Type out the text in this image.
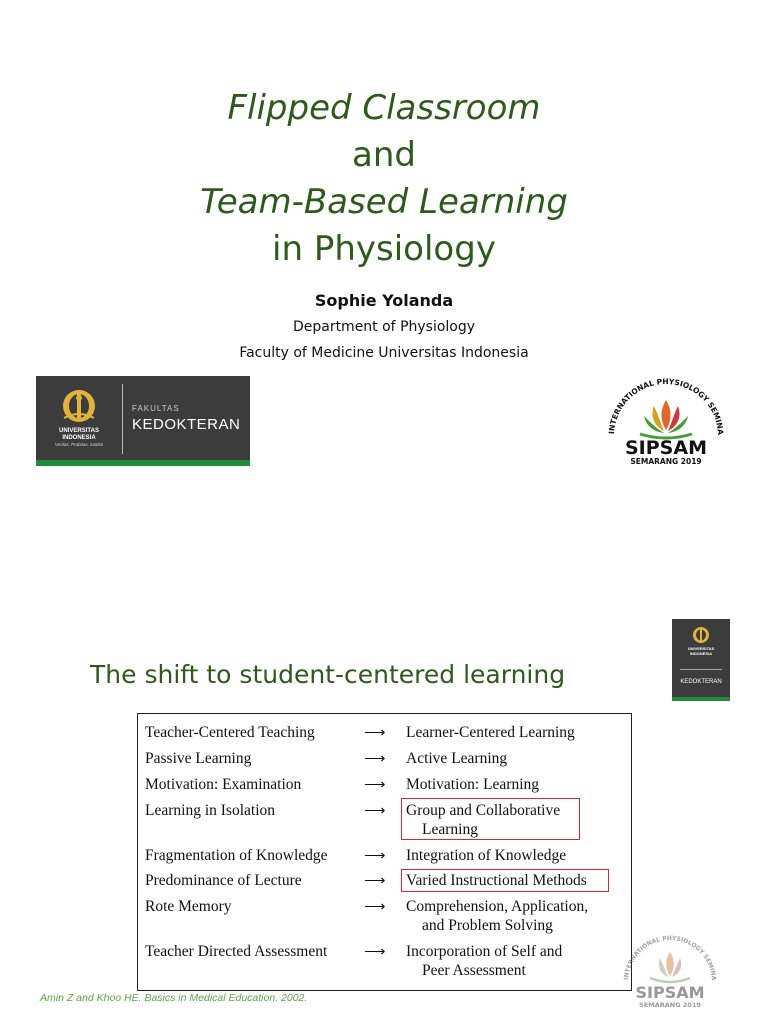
Flipped Classroom
and
Team-Based Learning
in Physiology
Sophie Yolanda
Department of Physiology
Faculty of Medicine Universitas Indonesia
UNIVERSITAS
INDONESIA
Veritas, Probitas, Iustitia
FAKULTAS
KEDOKTERAN	INTERNATIONAL PHYSIOLOGY SEMINA
SIPSAM
SEMARANG 2019
The shift to student-centered learning
UNIVERSITAS
INDONESIA
KEDOKTERAN
Teacher-Centered Teaching	⟶ Learner-Centered Learning
Passive Learning	⟶ Active Learning
Motivation: Examination	⟶ Motivation: Learning
Learning in Isolation	⟶ Group and Collaborative
Learning
Fragmentation of Knowledge ⟶ Integration of Knowledge
Predominance of Lecture	⟶ Varied Instructional Methods
Rote Memory	⟶ Comprehension, Application,
and Problem Solving
Teacher Directed Assessment ⟶ Incorporation of Self and
Peer Assessment	INTERNATIONAL PHYSIOLOGY SEMINA
SIPSAM
SEMARANG 2019
Amin Z and Khoo HE. Basics in Medical Education. 2002.
